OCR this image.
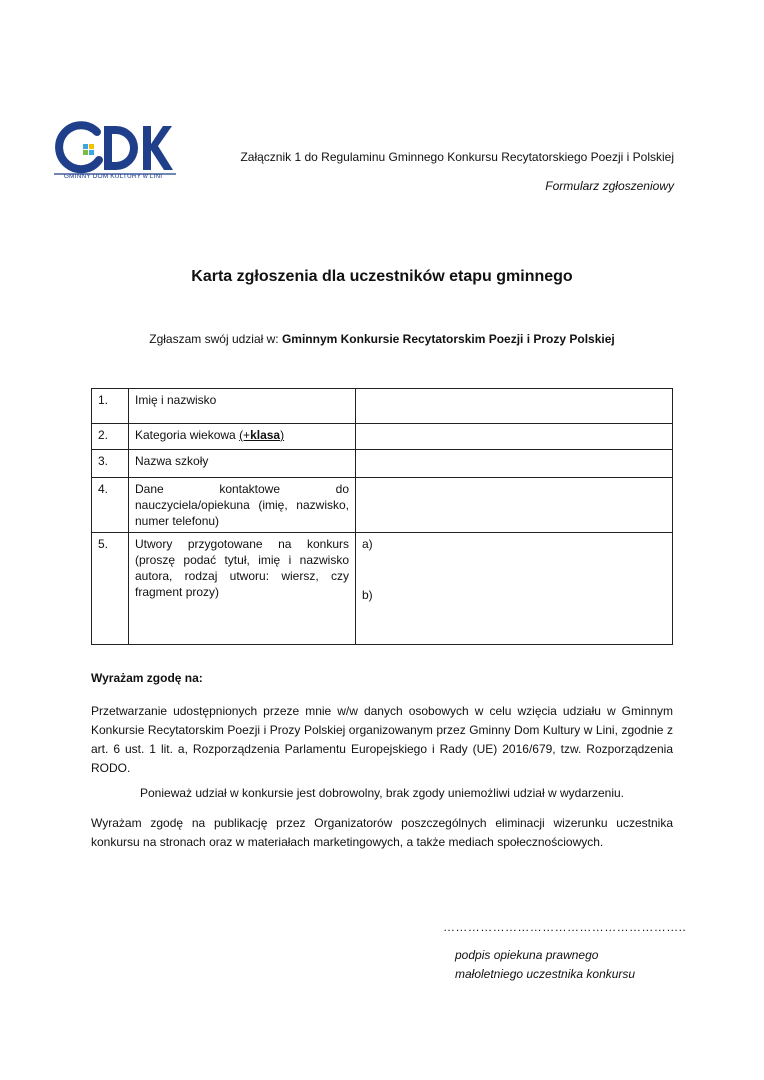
GMINNY DOM KULTURY w LINI
Załącznik 1 do Regulaminu Gminnego Konkursu Recytatorskiego Poezji i Polskiej
Formularz zgłoszeniowy
Karta zgłoszenia dla uczestników etapu gminnego
Zgłaszam swój udział w: Gminnym Konkursie Recytatorskim Poezji i Prozy Polskiej
1.	Imię i nazwisko	
2.	Kategoria wiekowa (+klasa)	
3.	Nazwa szkoły	
4.	Dane kontaktowe do nauczyciela/opiekuna (imię, nazwisko, numer telefonu)	
5.	Utwory przygotowane na konkurs (proszę podać tytuł, imię i nazwisko autora, rodzaj utworu: wiersz, czy fragment prozy)	a)
b)
Wyrażam zgodę na:
Przetwarzanie udostępnionych przeze mnie w/w danych osobowych w celu wzięcia udziału w Gminnym Konkursie Recytatorskim Poezji i Prozy Polskiej organizowanym przez Gminny Dom Kultury w Lini, zgodnie z art. 6 ust. 1 lit. a, Rozporządzenia Parlamentu Europejskiego i Rady (UE) 2016/679, tzw. Rozporządzenia RODO.
Ponieważ udział w konkursie jest dobrowolny, brak zgody uniemożliwi udział w wydarzeniu.
Wyrażam zgodę na publikację przez Organizatorów poszczególnych eliminacji wizerunku uczestnika konkursu na stronach oraz w materiałach marketingowych, a także mediach społecznościowych.
…………………………………………………..
podpis opiekuna prawnego
małoletniego uczestnika konkursu
